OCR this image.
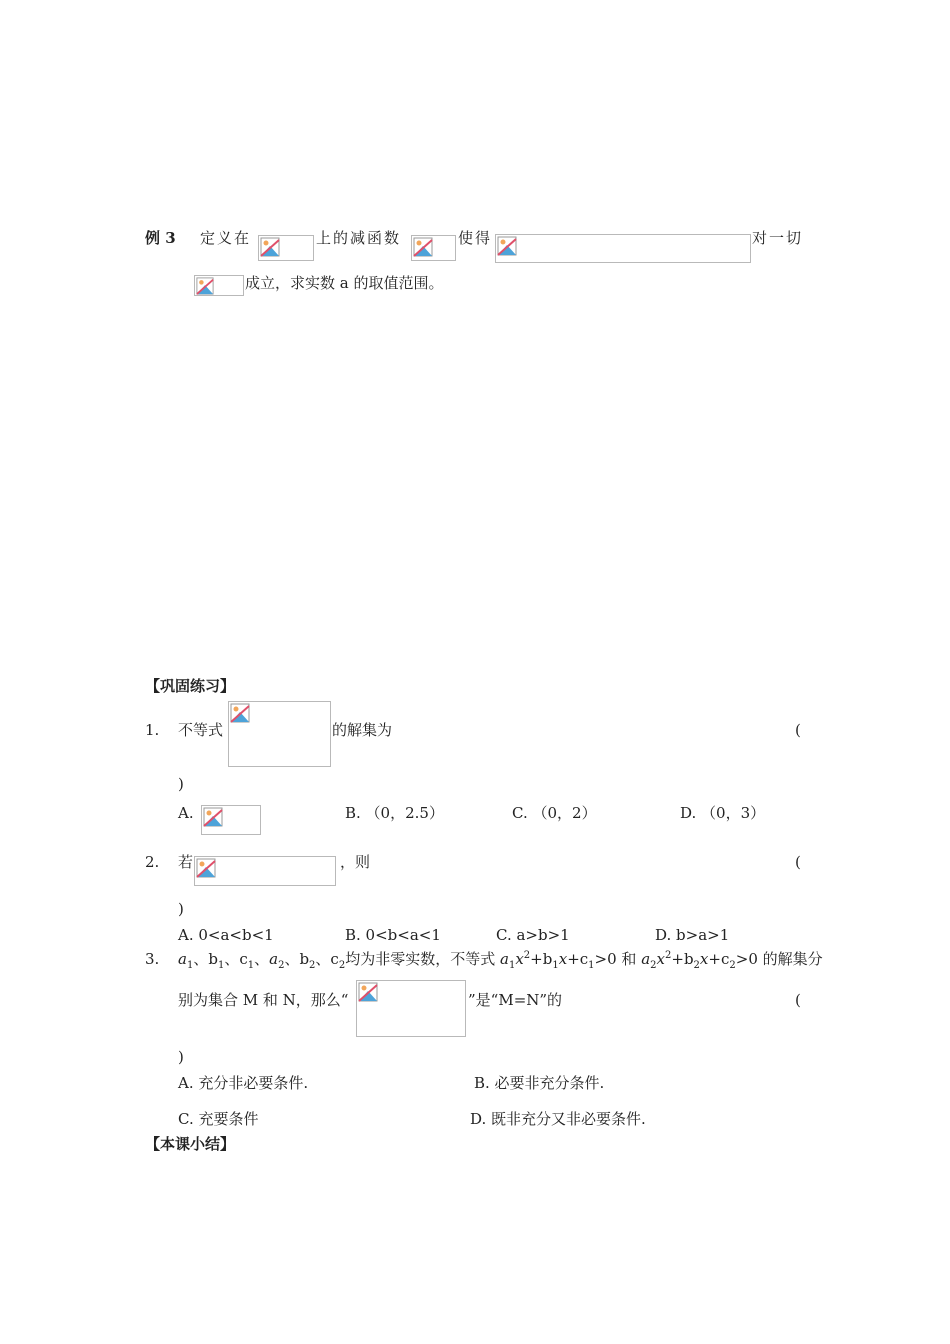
例 3 定义在	上的减函数	使得	对一切
成立，求实数 a 的取值范围。
【巩固练习】
1. 不等式	的解集为	(
)
A.	B. （0，2.5）	C. （0，2）	D. （0，3）
2. 若	，则	(
)
A. 0<a<b<1	B. 0<b<a<1	C. a>b>1	D. b>a>1
3. $a_1$、$b_1$、$c_1$、$a_2$、$b_2$、$c_2$均为非零实数，不等式 $a_1x^2+b_1x+c_1>0$ 和 $a_2x^2+b_2x+c_2>0$ 的解集分
别为集合 M 和 N，那么“	”是“M=N”的	(
)
A. 充分非必要条件.	B. 必要非充分条件.
C. 充要条件	D. 既非充分又非必要条件.
【本课小结】
